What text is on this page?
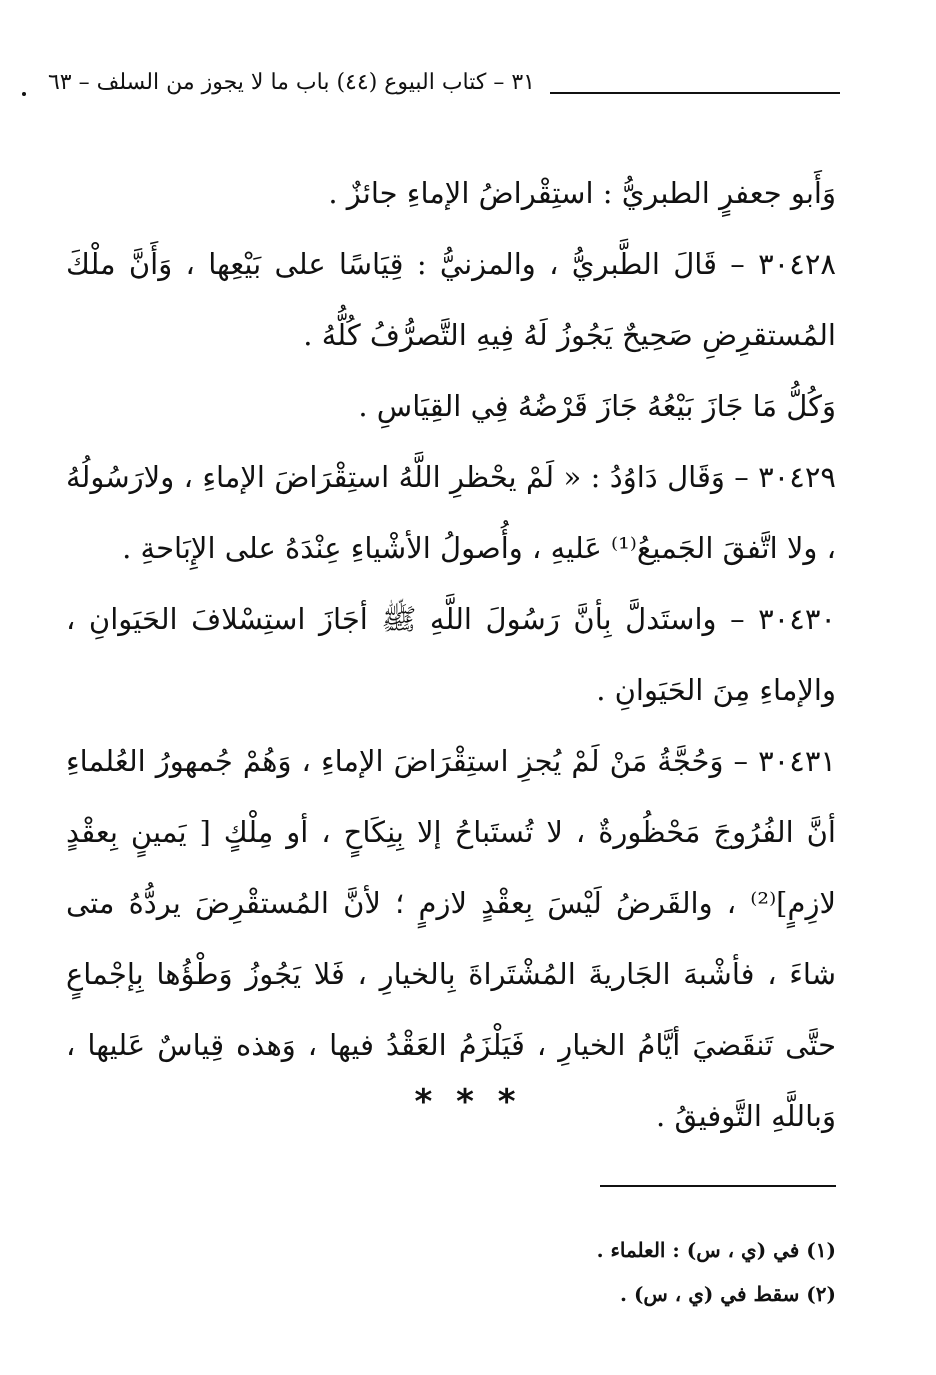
٣١ – كتاب البيوع (٤٤) باب ما لا يجوز من السلف – ٦٣

وَأَبو جعفرٍ الطبريُّ : استِقْراضُ الإماءِ جائزٌ .

٣٠٤٢٨ – قَالَ الطَّبريُّ ، والمزنيُّ : قِيَاسًا على بَيْعِها ، وَأَنَّ ملْكَ المُستقرِضِ صَحِيحٌ يَجُوزُ لَهُ فِيهِ التَّصرُّفُ كُلُّهُ .

وَكُلُّ مَا جَازَ بَيْعُهُ جَازَ قَرْضُهُ فِي القِيَاسِ .

٣٠٤٢٩ – وَقَال دَاوُدُ : « لَمْ يحْظرِ اللَّهُ استِقْرَاضَ الإماءِ ، ولارَسُولُهُ ، ولا اتَّفقَ الجَميعُ⁽¹⁾ عَليهِ ، وأُصولُ الأشْياءِ عِنْدَهُ على الإِبَاحةِ .

٣٠٤٣٠ – واستَدلَّ بِأنَّ رَسُولَ اللَّهِ ﷺ أجَازَ استِسْلافَ الحَيَوانِ ، والإماءِ مِنَ الحَيَوانِ .

٣٠٤٣١ – وَحُجَّةُ مَنْ لَمْ يُجزِ استِقْرَاضَ الإماءِ ، وَهُمْ جُمهورُ العُلماءِ أنَّ الفُرُوجَ مَحْظُورةٌ ، لا تُستَباحُ إلا بِنِكَاحٍ ، أو مِلْكٍ [ يَمينٍ بِعقْدٍ لازِمٍ]⁽²⁾ ، والقَرضُ لَيْسَ بِعقْدٍ لازمٍ ؛ لأنَّ المُستقْرِضَ يردُّهُ متى شاءَ ، فأشْبهَ الجَاريةَ المُشْتَراةَ بِالخيارِ ، فَلا يَجُوزُ وَطْؤُها بِإجْماعٍ حتَّى تَنقَضيَ أيَّامُ الخيارِ ، فَيَلْزَمُ العَقْدُ فيها ، وَهذه قِياسٌ عَليها ، وَباللَّهِ التَّوفيقُ .

* * *

(١) في (ي ، س) : العلماء .

(٢) سقط في (ي ، س) .
